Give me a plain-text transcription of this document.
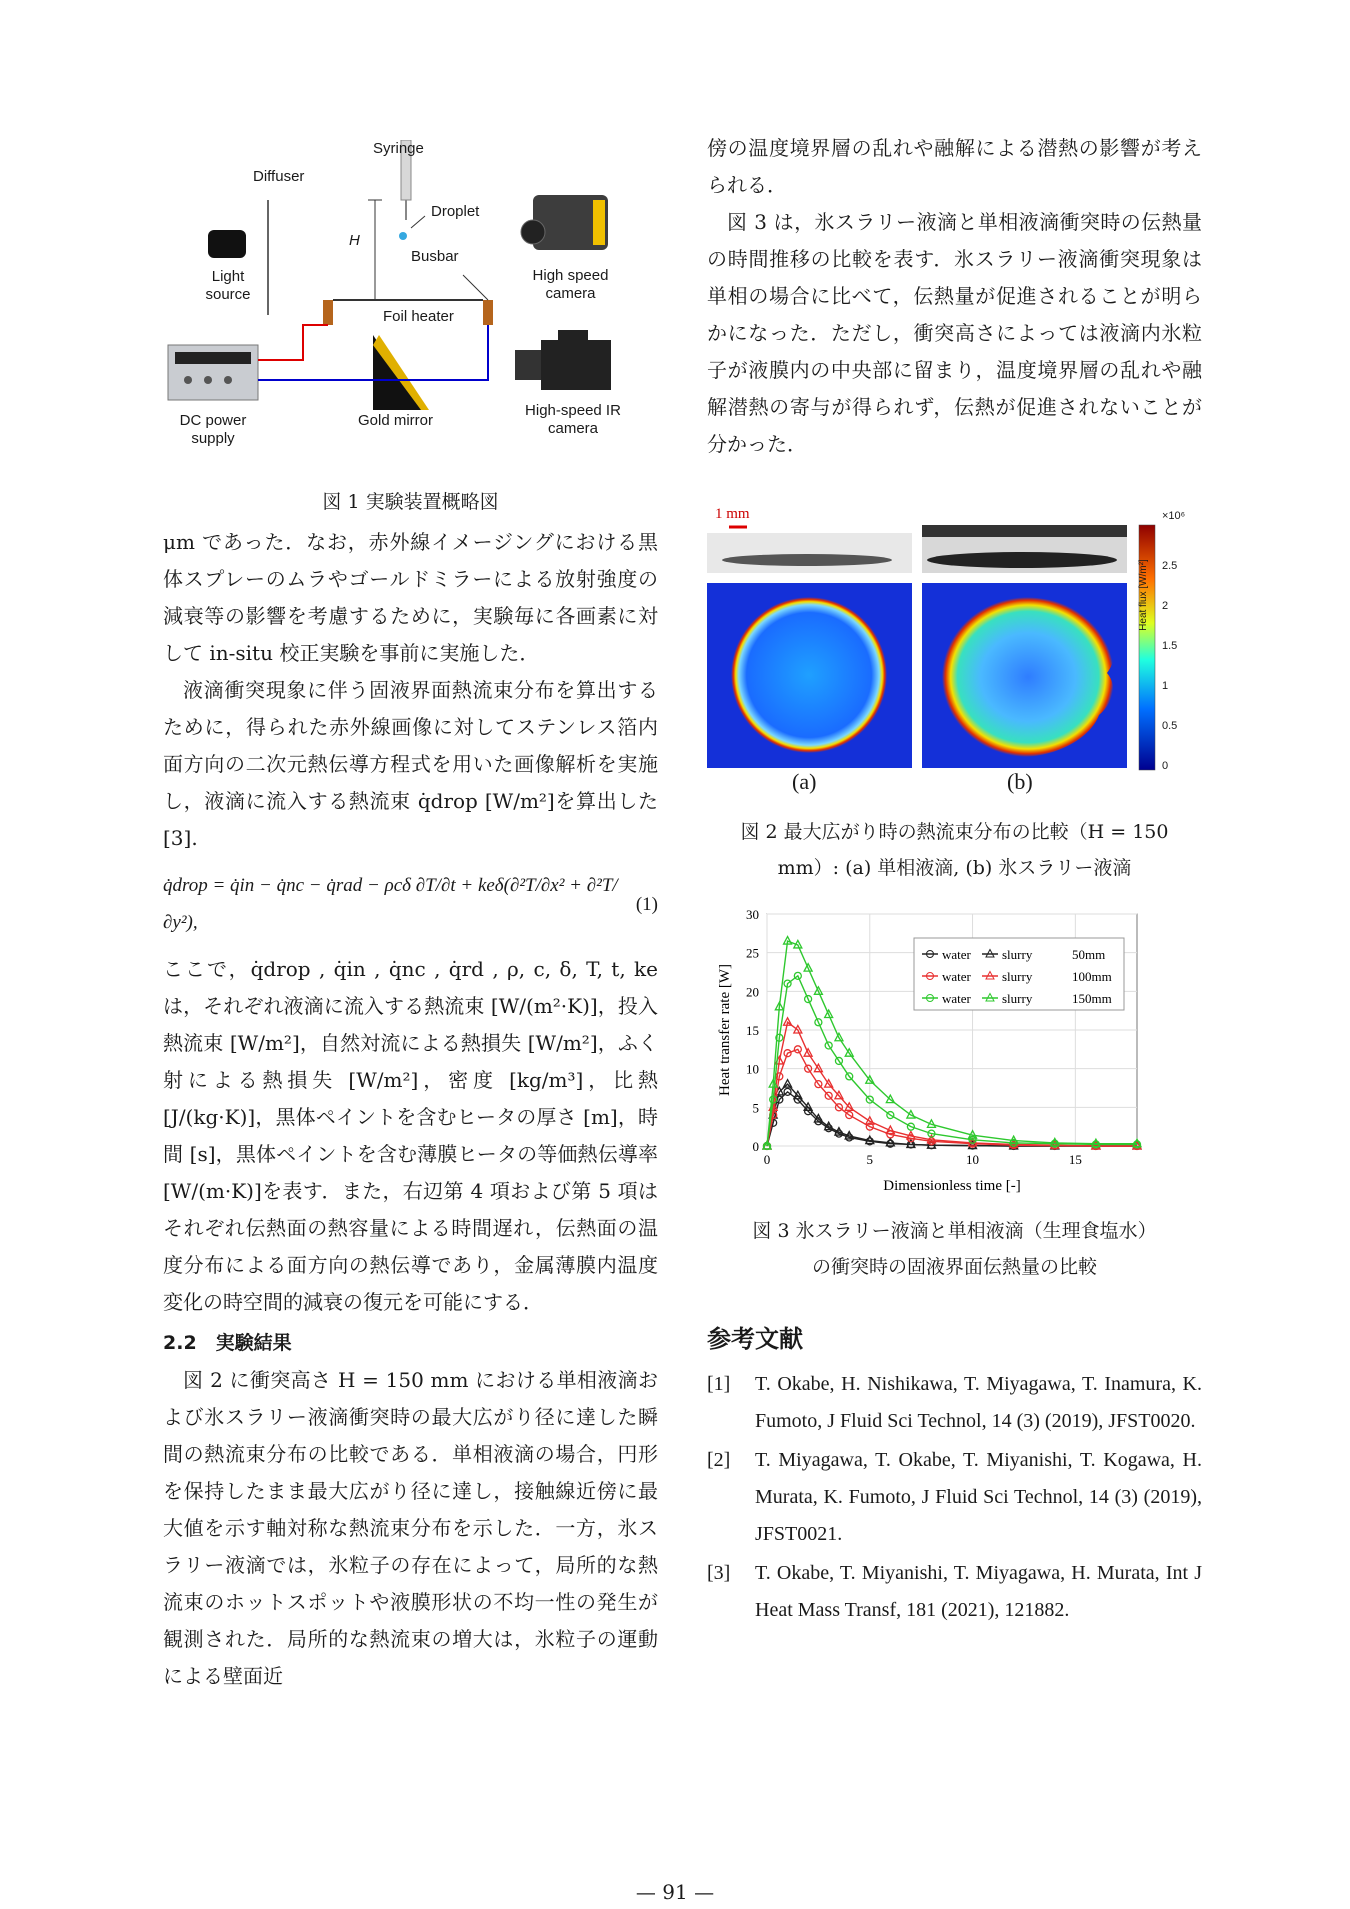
Syringe
Diffuser
Droplet
H
Busbar
Light source
Foil heater
High speed camera
DC power supply
Gold mirror
High-speed IR camera

図 1 実験装置概略図

μm であった．なお，赤外線イメージングにおける黒体スプレーのムラやゴールドミラーによる放射強度の減衰等の影響を考慮するために，実験毎に各画素に対して in-situ 校正実験を事前に実施した．

液滴衝突現象に伴う固液界面熱流束分布を算出するために，得られた赤外線画像に対してステンレス箔内面方向の二次元熱伝導方程式を用いた画像解析を実施し，液滴に流入する熱流束 q̇drop [W/m²]を算出した[3].

q̇drop = q̇in − q̇nc − q̇rad − ρcδ ∂T/∂t + keδ(∂²T/∂x² + ∂²T/∂y²),
(1)

ここで，q̇drop , q̇in , q̇nc , q̇rd , ρ, c, δ, T, t, keは，それぞれ液滴に流入する熱流束 [W/(m²·K)]，投入熱流束 [W/m²]，自然対流による熱損失 [W/m²]，ふく射による熱損失 [W/m²]，密度 [kg/m³]，比熱 [J/(kg·K)]，黒体ペイントを含むヒータの厚さ [m]，時間 [s]，黒体ペイントを含む薄膜ヒータの等価熱伝導率 [W/(m·K)]を表す．また，右辺第 4 項および第 5 項はそれぞれ伝熱面の熱容量による時間遅れ，伝熱面の温度分布による面方向の熱伝導であり，金属薄膜内温度変化の時空間的減衰の復元を可能にする．

2.2　実験結果

図 2 に衝突高さ H = 150 mm における単相液滴および氷スラリー液滴衝突時の最大広がり径に達した瞬間の熱流束分布の比較である．単相液滴の場合，円形を保持したまま最大広がり径に達し，接触線近傍に最大値を示す軸対称な熱流束分布を示した．一方，氷スラリー液滴では，氷粒子の存在によって，局所的な熱流束のホットスポットや液膜形状の不均一性の発生が観測された．局所的な熱流束の増大は，氷粒子の運動による壁面近

傍の温度境界層の乱れや融解による潜熱の影響が考えられる．

図 3 は，氷スラリー液滴と単相液滴衝突時の伝熱量の時間推移の比較を表す．氷スラリー液滴衝突現象は単相の場合に比べて，伝熱量が促進されることが明らかになった．ただし，衝突高さによっては液滴内氷粒子が液膜内の中央部に留まり，温度境界層の乱れや融解潜熱の寄与が得られず，伝熱が促進されないことが分かった．

1 mm	×10⁶
2.5
2
1.5
1
0.5
0
Heat flux [W/m²]
(a)	(b)

図 2 最大広がり時の熱流束分布の比較（H = 150

mm）: (a) 単相液滴, (b) 氷スラリー液滴

0
5
10
15
20
25
30
0	5	10	15
Dimensionless time [-]
Heat transfer rate [W]
water slurry	50mm
water slurry	100mm
water slurry	150mm

図 3 氷スラリー液滴と単相液滴（生理食塩水）

の衝突時の固液界面伝熱量の比較

参考文献

[1]	T. Okabe, H. Nishikawa, T. Miyagawa, T. Inamura, K. Fumoto, J Fluid Sci Technol, 14 (3) (2019), JFST0020.
[2]	T. Miyagawa, T. Okabe, T. Miyanishi, T. Kogawa, H. Murata, K. Fumoto, J Fluid Sci Technol, 14 (3) (2019), JFST0021.
[3]	T. Okabe, T. Miyanishi, T. Miyagawa, H. Murata, Int J Heat Mass Transf, 181 (2021), 121882.
— 91 —
